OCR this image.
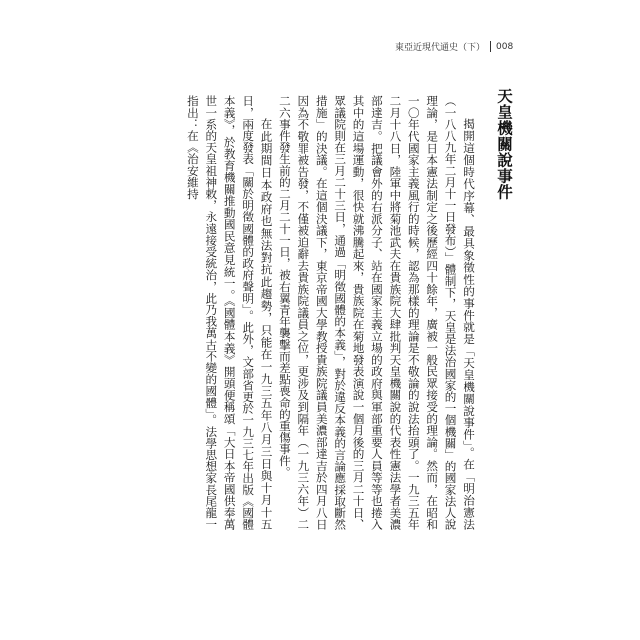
東亞近現代通史（下） 008
天皇機關說事件

揭開這個時代序幕、最具象徵性的事件就是「天皇機關說事件」。在「明治憲法（一八八九年二月十一日發布）」體制下，天皇是法治國家的一個機關」的國家法人說理論，是日本憲法制定之後歷經四十餘年，廣被一般民眾接受的理論。然而，在昭和一〇年代國家主義風行的時候，認為那樣的理論是不敬論的說法抬頭了。一九三五年二月十八日，陸軍中將菊池武夫在貴族院大肆批判天皇機關說的代表性憲法學者美濃部達吉。把議會外的右派分子、站在國家主義立場的政府與軍部重要人員等等也捲入其中的這場運動，很快就沸騰起來，貴族院在菊地發表演說一個月後的三月二十日、眾議院則在三月二十三日，通過「明徵國體的本義」，對於違反本義的言論應採取斷然措施」的決議。在這個決議下，東京帝國大學教授貴族院議員美濃部達吉於四月八日因為不敬罪被告發，不僅被迫辭去貴族院議員之位，更涉及到隔年（一九三六年）二二六事件發生前的二月二十一日，被右翼青年襲擊而差點喪命的重傷事件。

在此期間日本政府也無法對抗此趨勢，只能在一九三五年八月三日與十月十五日，兩度發表「關於明徵國體的政府聲明」。此外，文部省更於一九三七年出版《國體本義》，於教育機關推動國民意見統一。《國體本義》開頭便稱頌「大日本帝國供奉萬世一系的天皇祖神敕，永遠接受統治，此乃我萬古不變的國體」。法學思想家長尾龍一指出：在《治安維持
